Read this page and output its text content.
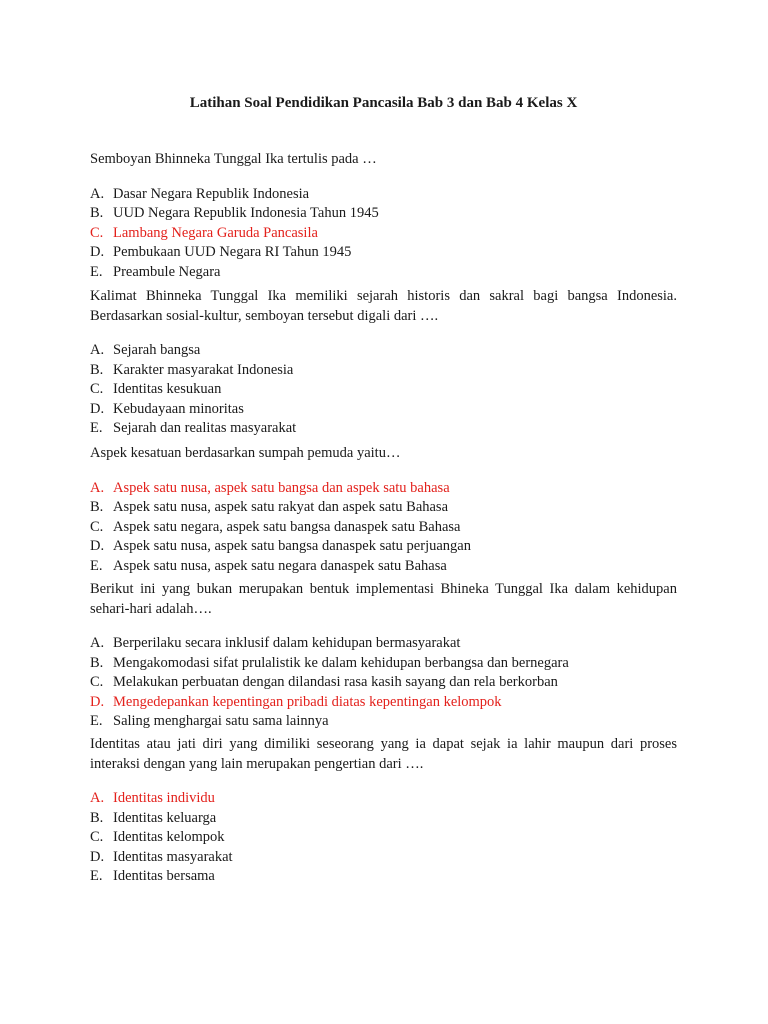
Latihan Soal Pendidikan Pancasila Bab 3 dan Bab 4 Kelas X

Semboyan Bhinneka Tunggal Ika tertulis pada …

A. Dasar Negara Republik Indonesia
B. UUD Negara Republik Indonesia Tahun 1945
C. Lambang Negara Garuda Pancasila
D. Pembukaan UUD Negara RI Tahun 1945
E. Preambule Negara

Kalimat Bhinneka Tunggal Ika memiliki sejarah historis dan sakral bagi bangsa Indonesia. Berdasarkan sosial-kultur, semboyan tersebut digali dari ….

A. Sejarah bangsa
B. Karakter masyarakat Indonesia
C. Identitas kesukuan
D. Kebudayaan minoritas
E. Sejarah dan realitas masyarakat

Aspek kesatuan berdasarkan sumpah pemuda yaitu…

A. Aspek satu nusa, aspek satu bangsa dan aspek satu bahasa
B. Aspek satu nusa, aspek satu rakyat dan aspek satu Bahasa
C. Aspek satu negara, aspek satu bangsa danaspek satu Bahasa
D. Aspek satu nusa, aspek satu bangsa danaspek satu perjuangan
E. Aspek satu nusa, aspek satu negara danaspek satu Bahasa

Berikut ini yang bukan merupakan bentuk implementasi Bhineka Tunggal Ika dalam kehidupan sehari-hari adalah….

A. Berperilaku secara inklusif dalam kehidupan bermasyarakat
B. Mengakomodasi sifat prulalistik ke dalam kehidupan berbangsa dan bernegara
C. Melakukan perbuatan dengan dilandasi rasa kasih sayang dan rela berkorban
D. Mengedepankan kepentingan pribadi diatas kepentingan kelompok
E. Saling menghargai satu sama lainnya

Identitas atau jati diri yang dimiliki seseorang yang ia dapat sejak ia lahir maupun dari proses interaksi dengan yang lain merupakan pengertian dari ….

A. Identitas individu
B. Identitas keluarga
C. Identitas kelompok
D. Identitas masyarakat
E. Identitas bersama
